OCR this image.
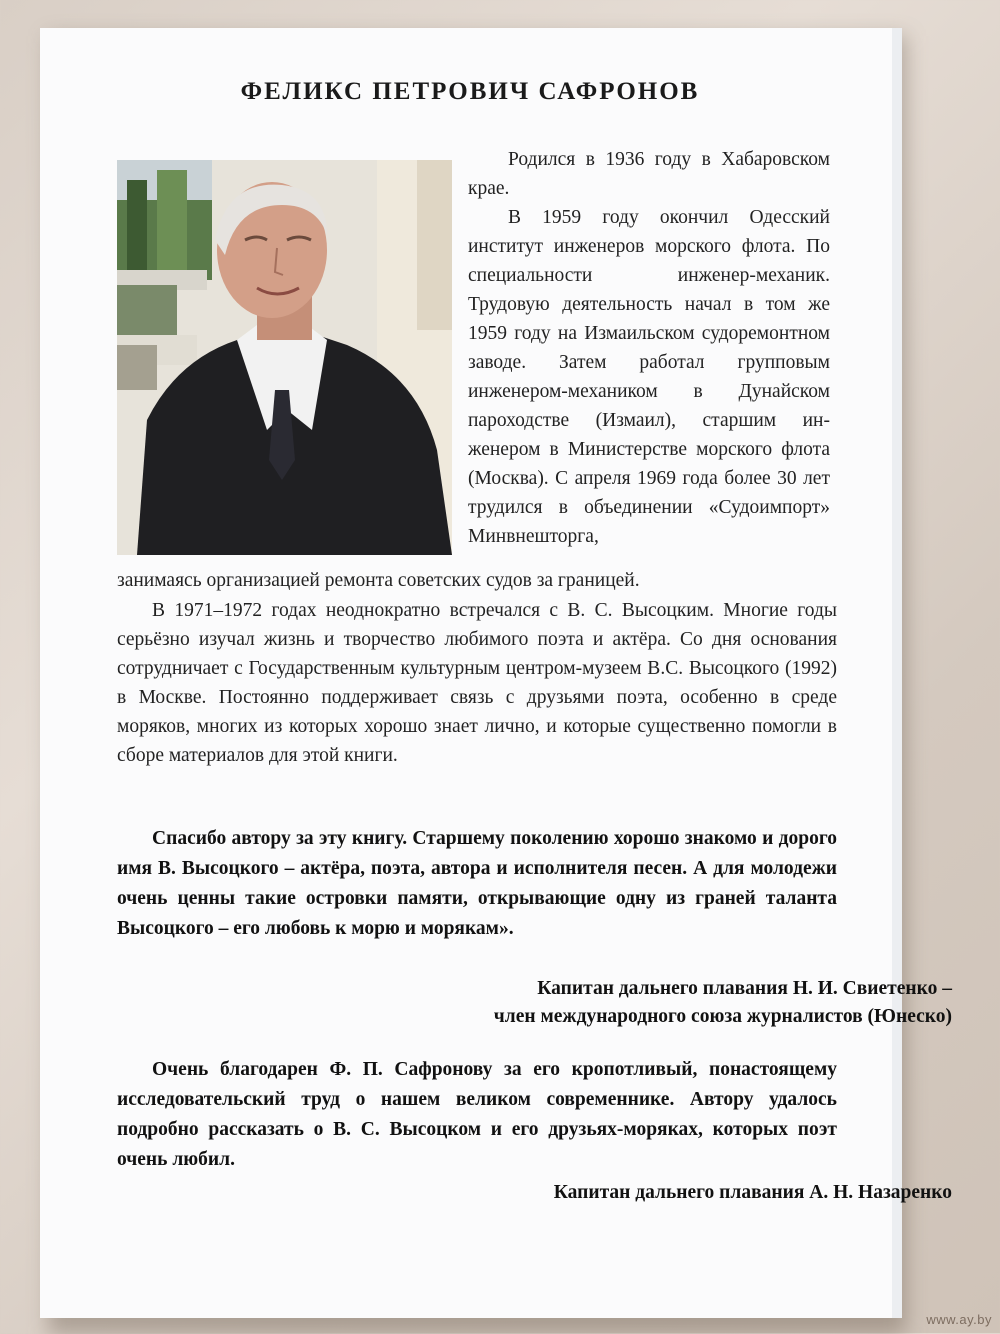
ФЕЛИКС ПЕТРОВИЧ САФРОНОВ

Родился в 1936 году в Хабаровском крае.

В 1959 году окончил Одесский институт инженеров морского флота. По специальности инженер-механик. Трудовую деятельность начал в том же 1959 году на Измаильском судоремонтном заводе. Затем работал групповым инженером-механиком в Дунайском пароходстве (Измаил), старшим инженером в Министерстве морского флота (Москва). С апреля 1969 года более 30 лет трудился в объединении «Судоимпорт» Минвнешторга,

занимаясь организацией ремонта советских судов за границей.
В 1971–1972 годах неоднократно встречался с В. С. Высоцким. Многие годы серьёзно изучал жизнь и творчество любимого поэта и актёра. Со дня основания сотрудничает с Государственным культурным центром-музеем В.С. Высоцкого (1992) в Москве. Постоянно поддерживает связь с друзьями поэта, особенно в среде моряков, многих из которых хорошо знает лично, и которые существенно помогли в сборе материалов для этой книги.
Спасибо автору за эту книгу. Старшему поколению хорошо знакомо и дорого имя В. Высоцкого – актёра, поэта, автора и исполнителя песен. А для молодежи очень ценны такие островки памяти, открывающие одну из граней таланта Высоцкого – его любовь к морю и морякам».
Капитан дальнего плавания Н. И. Свиетенко –
член международного союза журналистов (Юнеско)
Очень благодарен Ф. П. Сафронову за его кропотливый, понастоящему исследовательский труд о нашем великом современнике. Автору удалось подробно рассказать о В. С. Высоцком и его друзьях-моряках, которых поэт очень любил.
Капитан дальнего плавания А. Н. Назаренко
www.ay.by
